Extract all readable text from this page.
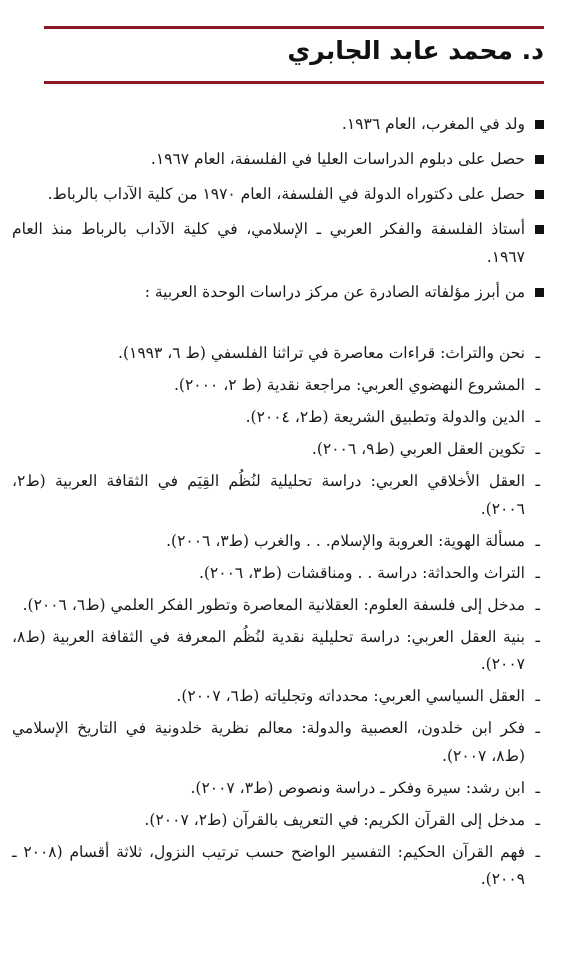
د. محمد عابد الجابري
ولد في المغرب، العام ١٩٣٦.
حصل على دبلوم الدراسات العليا في الفلسفة، العام ١٩٦٧.
حصل على دكتوراه الدولة في الفلسفة، العام ١٩٧٠ من كلية الآداب بالرباط.
أستاذ الفلسفة والفكر العربي ـ الإسلامي، في كلية الآداب بالرباط منذ العام ١٩٦٧.
من أبرز مؤلفاته الصادرة عن مركز دراسات الوحدة العربية :
ـ
نحن والتراث: قراءات معاصرة في تراثنا الفلسفي (ط ٦، ١٩٩٣).
ـ
المشروع النهضوي العربي: مراجعة نقدية (ط ٢، ٢٠٠٠).
ـ
الدين والدولة وتطبيق الشريعة (ط٢، ٢٠٠٤).
ـ
تكوين العقل العربي (ط٩، ٢٠٠٦).
ـ
العقل الأخلاقي العربي: دراسة تحليلية لنُظُم القِيَم في الثقافة العربية (ط٢، ٢٠٠٦).
ـ
مسألة الهوية: العروبة والإسلام. . . والغرب (ط٣، ٢٠٠٦).
ـ
التراث والحداثة: دراسة . . ومناقشات (ط٣، ٢٠٠٦).
ـ
مدخل إلى فلسفة العلوم: العقلانية المعاصرة وتطور الفكر العلمي (ط٦، ٢٠٠٦).
ـ
بنية العقل العربي: دراسة تحليلية نقدية لنُظُم المعرفة في الثقافة العربية (ط٨، ٢٠٠٧).
ـ
العقل السياسي العربي: محدداته وتجلياته (ط٦، ٢٠٠٧).
ـ
فكر ابن خلدون، العصبية والدولة: معالم نظرية خلدونية في التاريخ الإسلامي (ط٨، ٢٠٠٧).
ـ
ابن رشد: سيرة وفكر ـ دراسة ونصوص (ط٣، ٢٠٠٧).
ـ
مدخل إلى القرآن الكريم: في التعريف بالقرآن (ط٢، ٢٠٠٧).
ـ
فهم القرآن الحكيم: التفسير الواضح حسب ترتيب النزول، ثلاثة أقسام (٢٠٠٨ ـ ٢٠٠٩).
